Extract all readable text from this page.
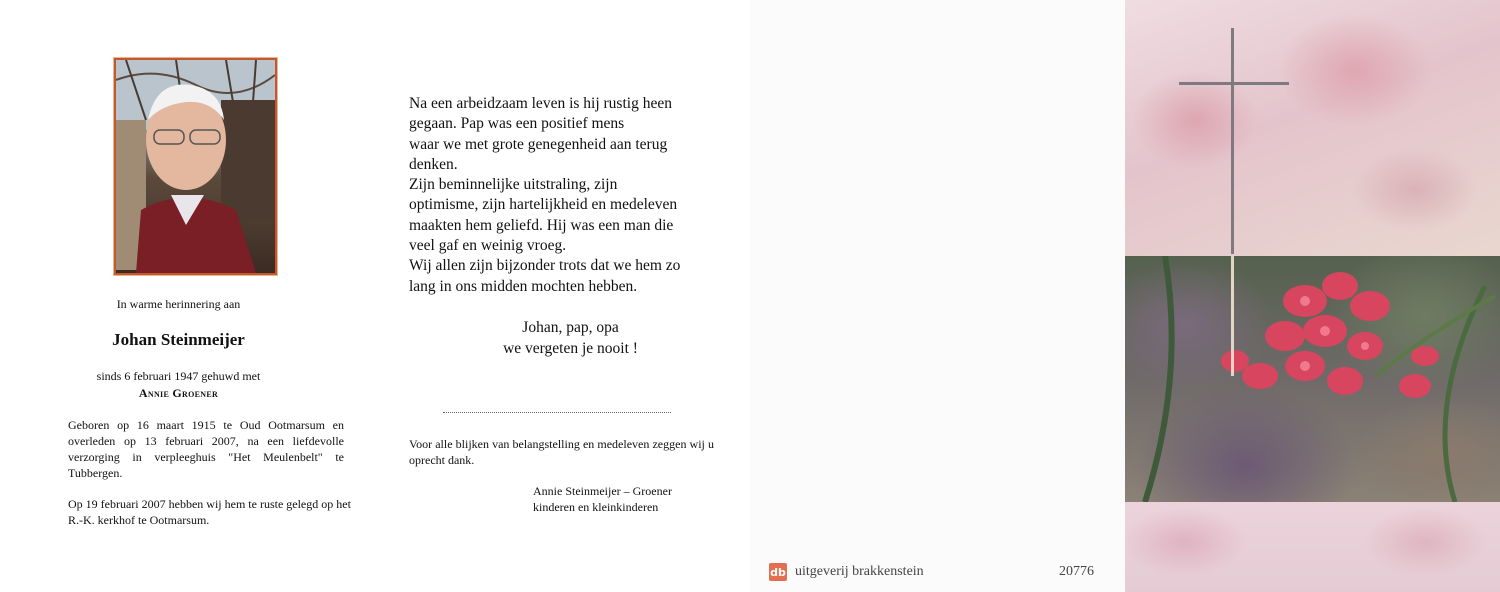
In warme herinnering aan
Johan Steinmeijer
sinds 6 februari 1947 gehuwd met
Annie Groener
Geboren op 16 maart 1915 te Oud Ootmarsum en overleden op 13 februari 2007, na een liefdevolle verzorging in verpleeghuis "Het Meulenbelt" te Tubbergen.
Op 19 februari 2007 hebben wij hem te ruste gelegd op het R.-K. kerkhof te Ootmarsum.
Na een arbeidzaam leven is hij rustig heen
gegaan. Pap was een positief mens
waar we met grote genegenheid aan terug
denken.
Zijn beminnelijke uitstraling, zijn
optimisme, zijn hartelijkheid en medeleven
maakten hem geliefd. Hij was een man die
veel gaf en weinig vroeg.
Wij allen zijn bijzonder trots dat we hem zo
lang in ons midden mochten hebben.
Johan, pap, opa
we vergeten je nooit !
Voor alle blijken van belangstelling en medeleven zeggen wij u oprecht dank.
Annie Steinmeijer – Groener
kinderen en kleinkinderen
db uitgeverij brakkenstein	20776
